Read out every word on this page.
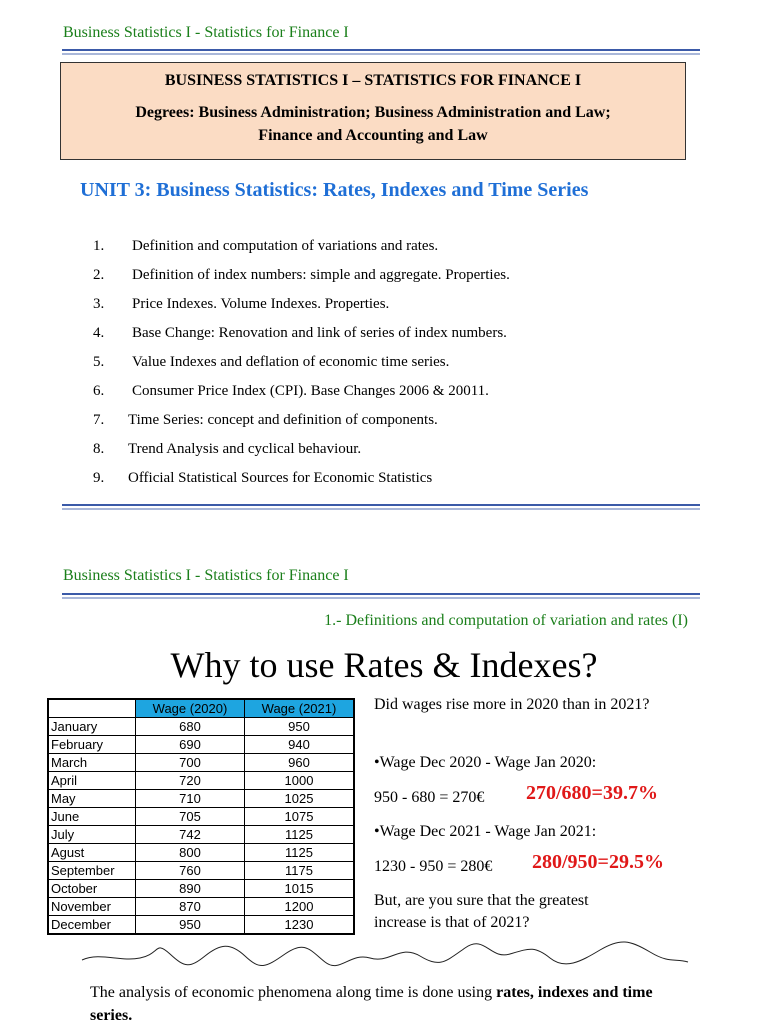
Business Statistics I - Statistics for Finance I
BUSINESS STATISTICS I – STATISTICS FOR FINANCE I
Degrees: Business Administration; Business Administration and Law;
Finance and Accounting and Law
UNIT 3: Business Statistics: Rates, Indexes and Time Series
1. Definition and computation of variations and rates.
2. Definition of index numbers: simple and aggregate. Properties.
3. Price Indexes. Volume Indexes. Properties.
4. Base Change: Renovation and link of series of index numbers.
5. Value Indexes and deflation of economic time series.
6. Consumer Price Index (CPI). Base Changes 2006 & 20011.
7. Time Series: concept and definition of components.
8. Trend Analysis and cyclical behaviour.
9. Official Statistical Sources for Economic Statistics
Business Statistics I - Statistics for Finance I
1.- Definitions and computation of variation and rates (I)
Why to use Rates & Indexes?
	Wage (2020)	Wage (2021)
January	680	950
February	690	940
March	700	960
April	720	1000
May	710	1025
June	705	1075
July	742	1125
Agust	800	1125
September	760	1175
October	890	1015
November	870	1200
December	950	1230
Did wages rise more in 2020 than in 2021?
•Wage Dec 2020 - Wage Jan 2020:
950 - 680 = 270€ 270/680=39.7%
•Wage Dec 2021 - Wage Jan 2021:
1230 - 950 = 280€ 280/950=29.5%
But, are you sure that the greatest increase is that of 2021?
The analysis of economic phenomena along time is done using rates, indexes and time series.
